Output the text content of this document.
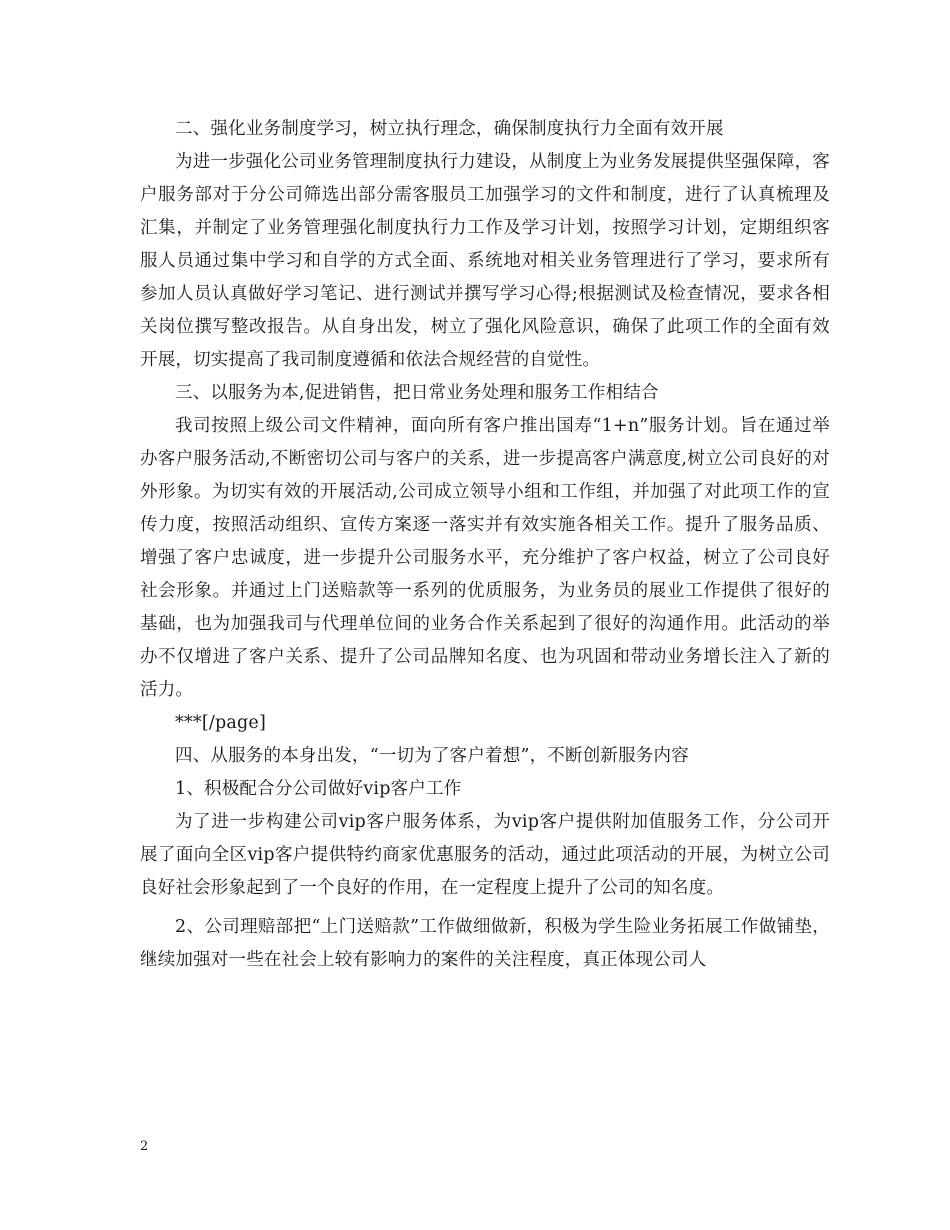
二、强化业务制度学习，树立执行理念，确保制度执行力全面有效开展

为进一步强化公司业务管理制度执行力建设，从制度上为业务发展提供坚强保障，客户服务部对于分公司筛选出部分需客服员工加强学习的文件和制度，进行了认真梳理及汇集，并制定了业务管理强化制度执行力工作及学习计划，按照学习计划，定期组织客服人员通过集中学习和自学的方式全面、系统地对相关业务管理进行了学习，要求所有参加人员认真做好学习笔记、进行测试并撰写学习心得;根据测试及检查情况，要求各相关岗位撰写整改报告。从自身出发，树立了强化风险意识，确保了此项工作的全面有效开展，切实提高了我司制度遵循和依法合规经营的自觉性。

三、以服务为本,促进销售，把日常业务处理和服务工作相结合

我司按照上级公司文件精神，面向所有客户推出国寿“1+n”服务计划。旨在通过举办客户服务活动,不断密切公司与客户的关系，进一步提高客户满意度,树立公司良好的对外形象。为切实有效的开展活动,公司成立领导小组和工作组，并加强了对此项工作的宣传力度，按照活动组织、宣传方案逐一落实并有效实施各相关工作。提升了服务品质、增强了客户忠诚度，进一步提升公司服务水平，充分维护了客户权益，树立了公司良好社会形象。并通过上门送赔款等一系列的优质服务，为业务员的展业工作提供了很好的基础，也为加强我司与代理单位间的业务合作关系起到了很好的沟通作用。此活动的举办不仅增进了客户关系、提升了公司品牌知名度、也为巩固和带动业务增长注入了新的活力。

***[/page]

四、从服务的本身出发，“一切为了客户着想”，不断创新服务内容

1、积极配合分公司做好vip客户工作

为了进一步构建公司vip客户服务体系，为vip客户提供附加值服务工作，分公司开展了面向全区vip客户提供特约商家优惠服务的活动，通过此项活动的开展，为树立公司良好社会形象起到了一个良好的作用，在一定程度上提升了公司的知名度。

2、公司理赔部把“上门送赔款”工作做细做新，积极为学生险业务拓展工作做铺垫，继续加强对一些在社会上较有影响力的案件的关注程度，真正体现公司人

2
